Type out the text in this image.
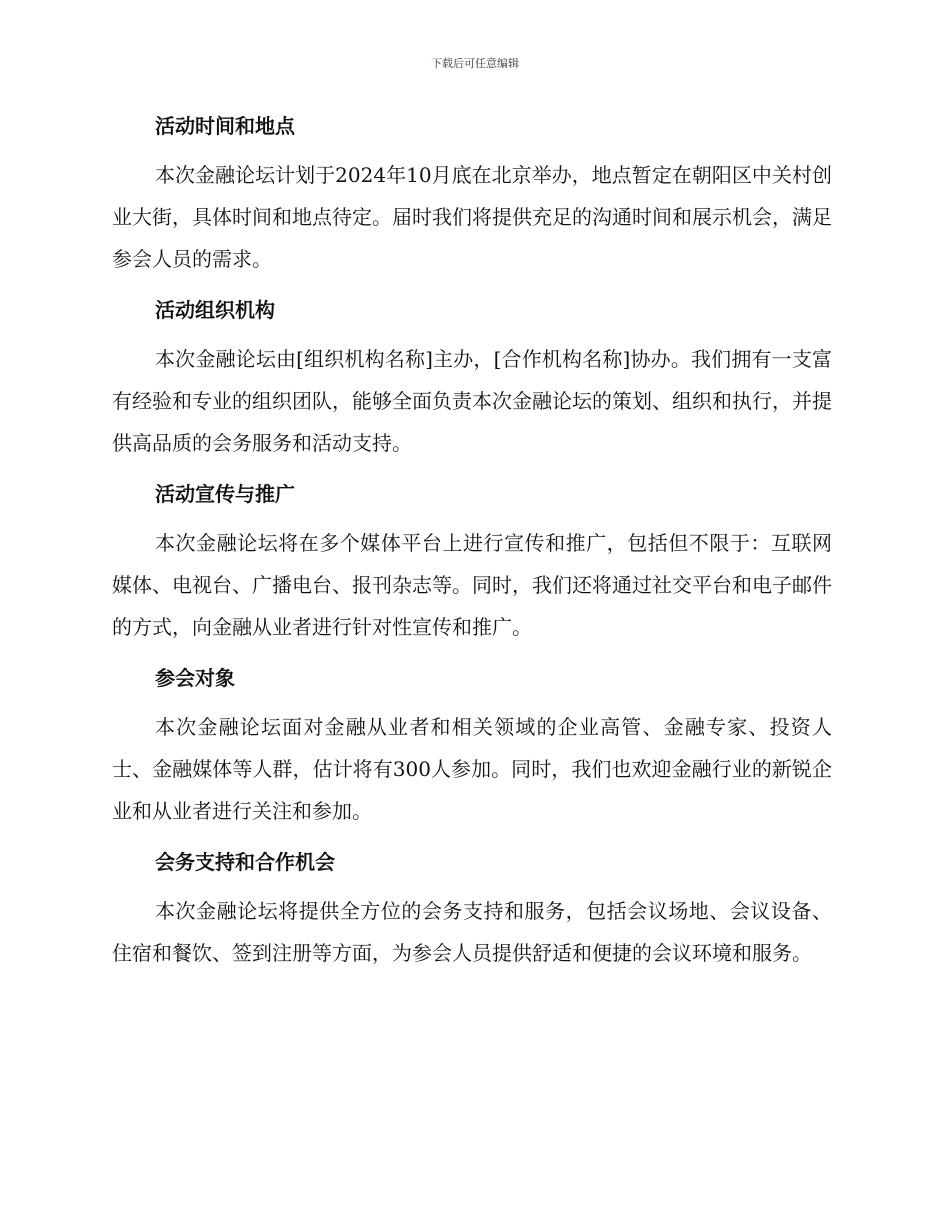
下载后可任意编辑
活动时间和地点

本次金融论坛计划于2024年10月底在北京举办，地点暂定在朝阳区中关村创业大街，具体时间和地点待定。届时我们将提供充足的沟通时间和展示机会，满足参会人员的需求。

活动组织机构

本次金融论坛由[组织机构名称]主办，[合作机构名称]协办。我们拥有一支富有经验和专业的组织团队，能够全面负责本次金融论坛的策划、组织和执行，并提供高品质的会务服务和活动支持。

活动宣传与推广

本次金融论坛将在多个媒体平台上进行宣传和推广，包括但不限于：互联网媒体、电视台、广播电台、报刊杂志等。同时，我们还将通过社交平台和电子邮件的方式，向金融从业者进行针对性宣传和推广。

参会对象

本次金融论坛面对金融从业者和相关领域的企业高管、金融专家、投资人士、金融媒体等人群，估计将有300人参加。同时，我们也欢迎金融行业的新锐企业和从业者进行关注和参加。

会务支持和合作机会

本次金融论坛将提供全方位的会务支持和服务，包括会议场地、会议设备、住宿和餐饮、签到注册等方面，为参会人员提供舒适和便捷的会议环境和服务。
